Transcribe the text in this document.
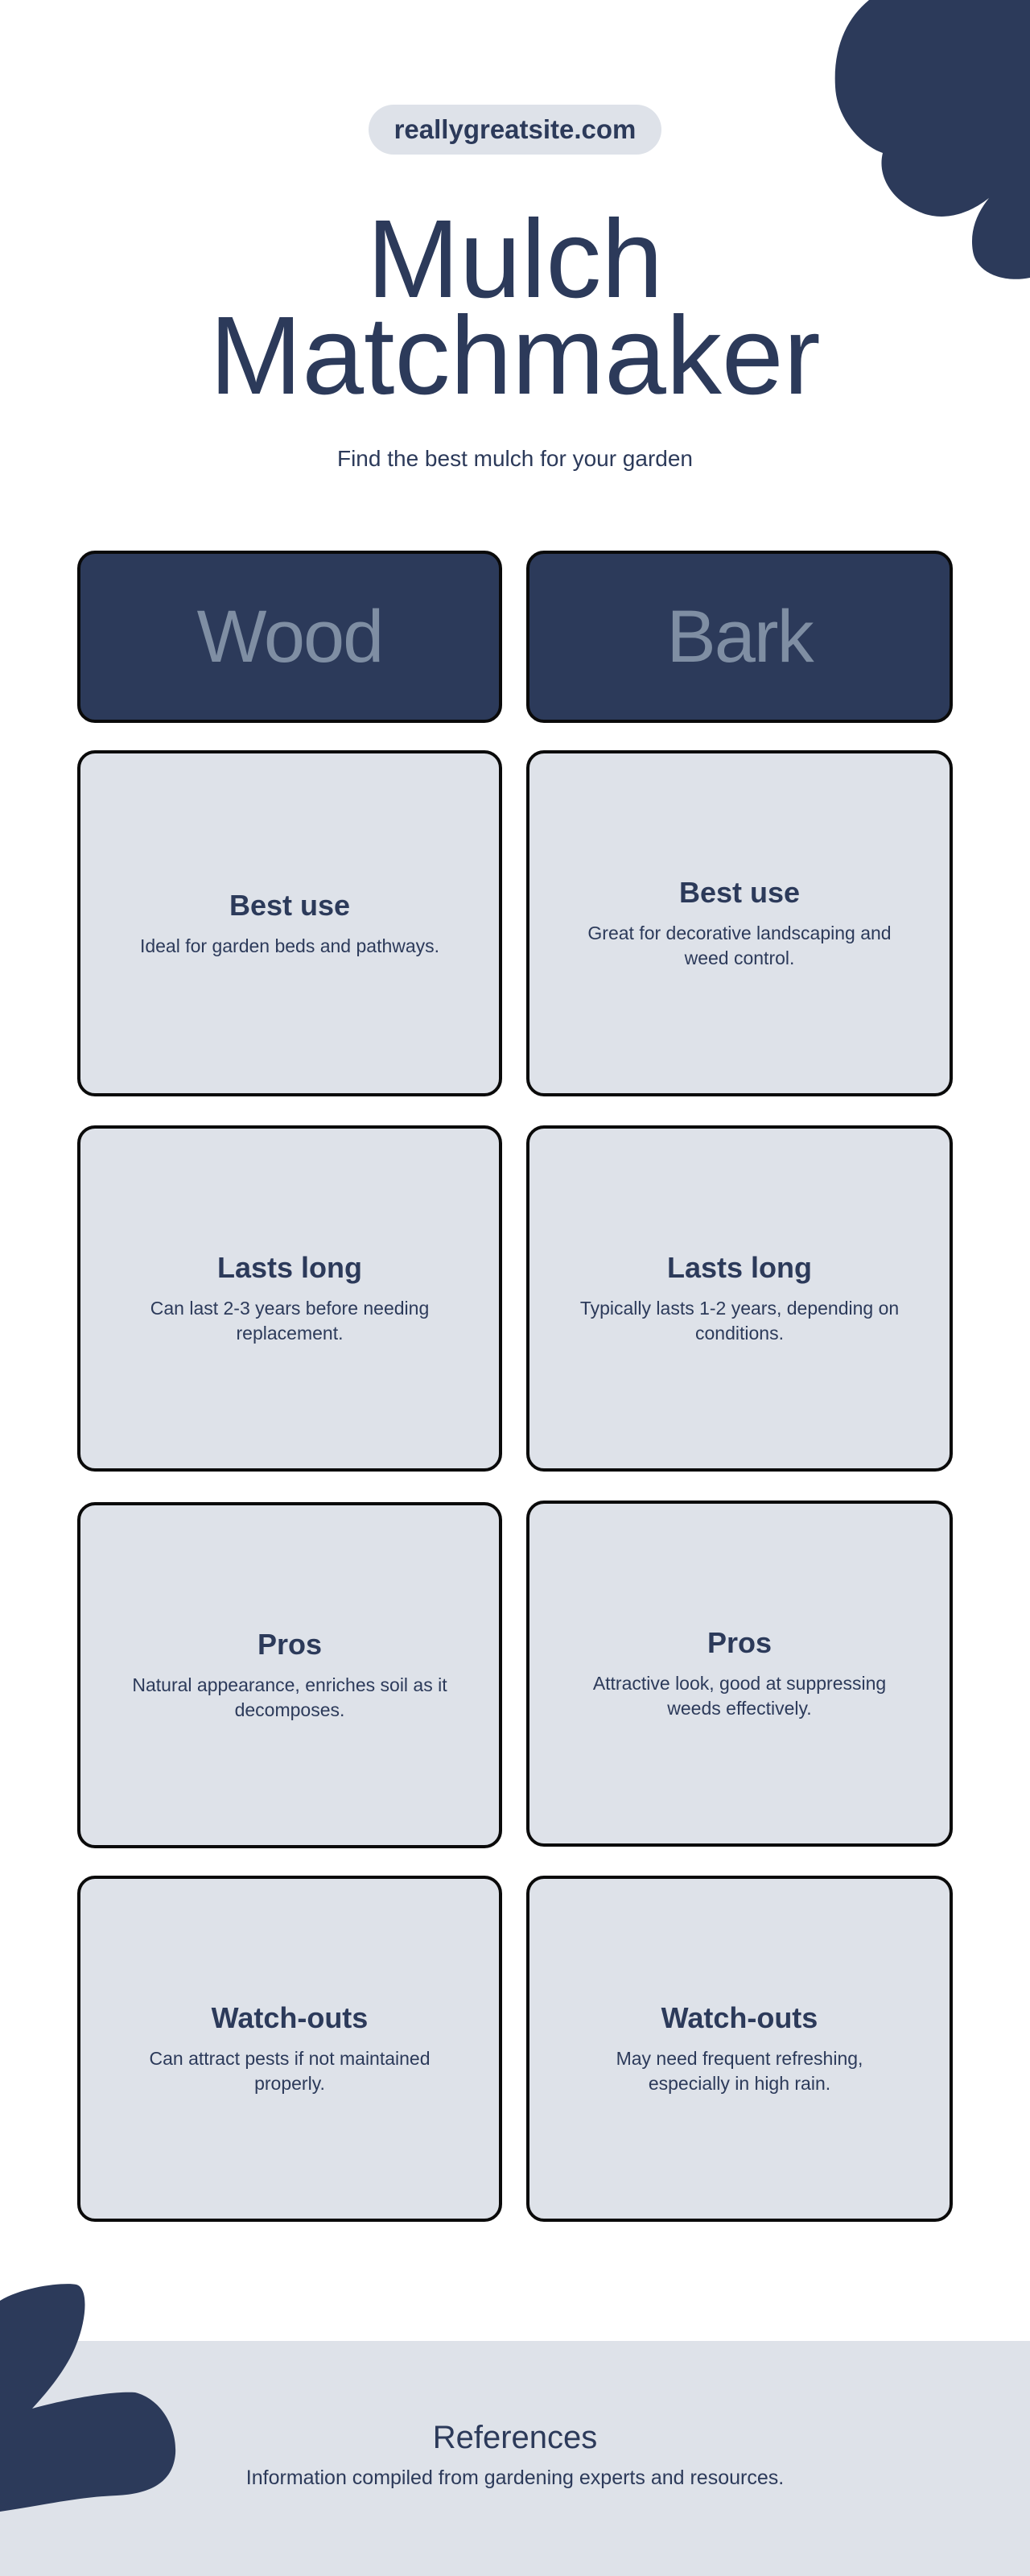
reallygreatsite.com
Mulch
Matchmaker
Find the best mulch for your garden
Wood	Bark
Best use
Ideal for garden beds and pathways.
Lasts long
Can last 2-3 years before needing replacement.
Pros
Natural appearance, enriches soil as it decomposes.
Watch-outs
Can attract pests if not maintained properly.
Best use
Great for decorative landscaping and weed control.
Lasts long
Typically lasts 1-2 years, depending on conditions.
Pros
Attractive look, good at suppressing weeds effectively.
Watch-outs
May need frequent refreshing, especially in high rain.
References
Information compiled from gardening experts and resources.
